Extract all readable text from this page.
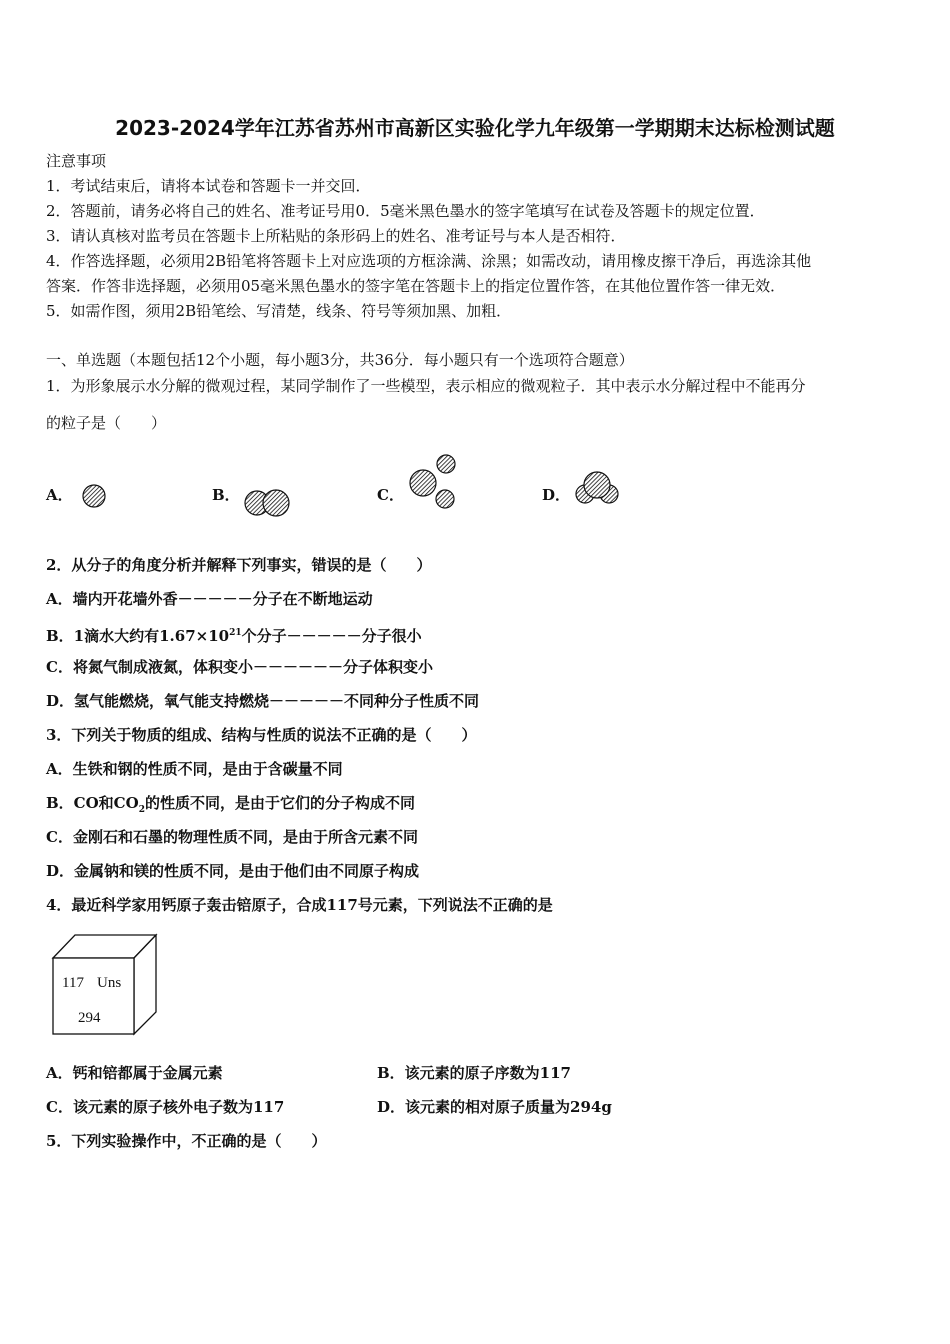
2023-2024学年江苏省苏州市高新区实验化学九年级第一学期期末达标检测试题
注意事项
1．考试结束后，请将本试卷和答题卡一并交回．
2．答题前，请务必将自己的姓名、准考证号用0．5毫米黑色墨水的签字笔填写在试卷及答题卡的规定位置．
3．请认真核对监考员在答题卡上所粘贴的条形码上的姓名、准考证号与本人是否相符．
4．作答选择题，必须用2B铅笔将答题卡上对应选项的方框涂满、涂黑；如需改动，请用橡皮擦干净后，再选涂其他
答案．作答非选择题，必须用05毫米黑色墨水的签字笔在答题卡上的指定位置作答，在其他位置作答一律无效．
5．如需作图，须用2B铅笔绘、写清楚，线条、符号等须加黑、加粗．
一、单选题（本题包括12个小题，每小题3分，共36分．每小题只有一个选项符合题意）
1．为形象展示水分解的微观过程，某同学制作了一些模型，表示相应的微观粒子．其中表示水分解过程中不能再分
的粒子是（　　）
A．	B．	C．	D．
2．从分子的角度分析并解释下列事实，错误的是（　　）
A．墙内开花墙外香－－－－－分子在不断地运动
B．1滴水大约有$1.67\times 10^{21}$个分子－－－－－分子很小
C．将氮气制成液氮，体积变小－－－－－－分子体积变小
D．氢气能燃烧，氧气能支持燃烧－－－－－不同种分子性质不同
3．下列关于物质的组成、结构与性质的说法不正确的是（　　）
A．生铁和钢的性质不同，是由于含碳量不同
B．CO和$CO_2$的性质不同，是由于它们的分子构成不同
C．金刚石和石墨的物理性质不同，是由于所含元素不同
D．金属钠和镁的性质不同，是由于他们由不同原子构成
4．最近科学家用钙原子轰击锫原子，合成117号元素，下列说法不正确的是
117 Uns
294
A．钙和锫都属于金属元素	B．该元素的原子序数为117
C．该元素的原子核外电子数为117	D．该元素的相对原子质量为294g
5．下列实验操作中，不正确的是（　　）
